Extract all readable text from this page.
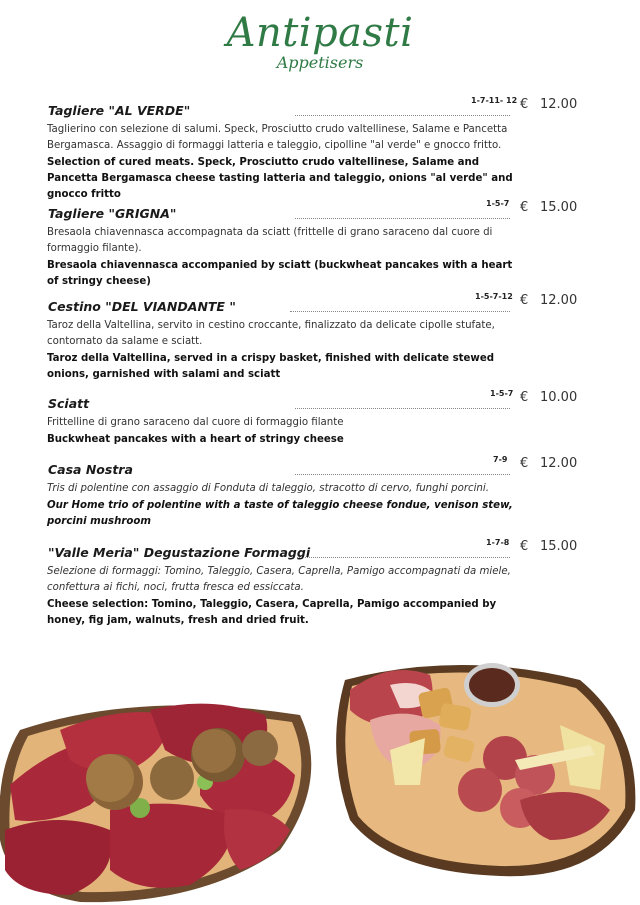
Antipasti
Appetisers
Tagliere "AL VERDE"
1-7-11- 12 € 12.00
Taglierino con selezione di salumi. Speck, Prosciutto crudo valtellinese, Salame e Pancetta Bergamasca. Assaggio di formaggi latteria e taleggio, cipolline "al verde" e gnocco fritto.
Selection of cured meats. Speck, Prosciutto crudo valtellinese, Salame and Pancetta Bergamasca cheese tasting latteria and taleggio, onions "al verde" and gnocco fritto
Tagliere "GRIGNA"
1-5-7 € 15.00
Bresaola chiavennasca accompagnata da sciatt (frittelle di grano saraceno dal cuore di formaggio filante).
Bresaola chiavennasca accompanied by sciatt (buckwheat pancakes with a heart of stringy cheese)
Cestino "DEL VIANDANTE "
1-5-7-12 € 12.00
Taroz della Valtellina, servito in cestino croccante, finalizzato da delicate cipolle stufate, contornato da salame e sciatt.
Taroz della Valtellina, served in a crispy basket, finished with delicate stewed onions, garnished with salami and sciatt
Sciatt
1-5-7 € 10.00
Frittelline di grano saraceno dal cuore di formaggio filante
Buckwheat pancakes with a heart of stringy cheese
Casa Nostra
7-9 € 12.00
Tris di polentine con assaggio di Fonduta di taleggio, stracotto di cervo, funghi porcini.
Our Home trio of polentine with a taste of taleggio cheese fondue, venison stew, porcini mushroom
"Valle Meria" Degustazione Formaggi
1-7-8 € 15.00
Selezione di formaggi: Tomino, Taleggio, Casera, Caprella, Pamigo accompagnati da miele, confettura ai fichi, noci, frutta fresca ed essiccata.
Cheese selection: Tomino, Taleggio, Casera, Caprella, Pamigo accompanied by honey, fig jam, walnuts, fresh and dried fruit.
